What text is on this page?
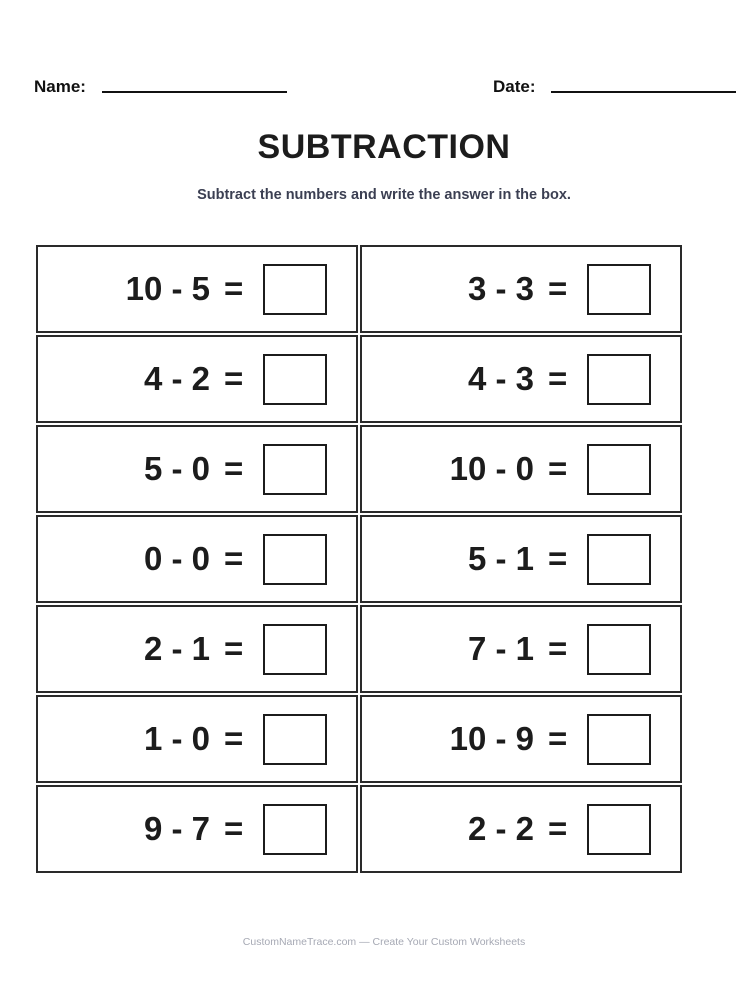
Name:	Date:
SUBTRACTION
Subtract the numbers and write the answer in the box.
10 - 5 =	3 - 3 =
4 - 2 =	4 - 3 =
5 - 0 =	10 - 0 =
0 - 0 =	5 - 1 =
2 - 1 =	7 - 1 =
1 - 0 =	10 - 9 =
9 - 7 =	2 - 2 =
CustomNameTrace.com — Create Your Custom Worksheets
